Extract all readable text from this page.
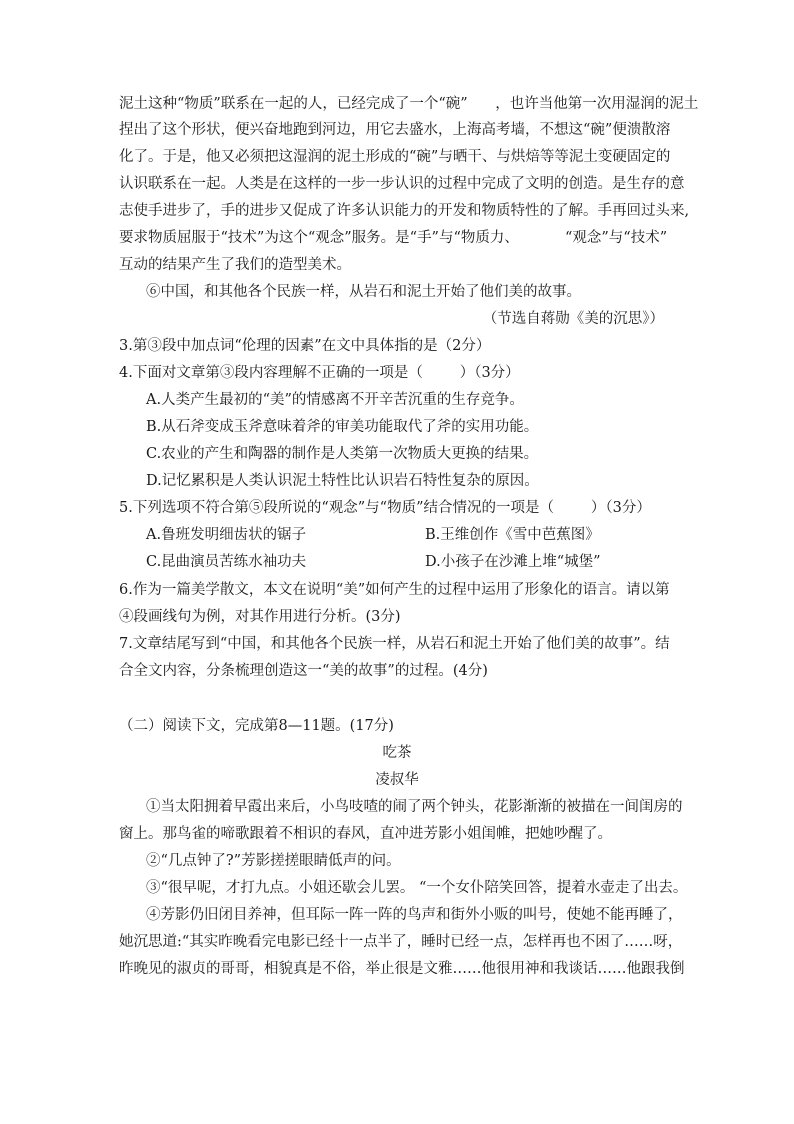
泥土这种“物质”联系在一起的人，已经完成了一个“碗”      ，也许当他第一次用湿润的泥土
捏出了这个形状，便兴奋地跑到河边，用它去盛水，上海高考墙，不想这“碗”便溃散溶
化了。于是，他又必须把这湿润的泥土形成的“碗”与晒干、与烘焙等等泥土变硬固定的
认识联系在一起。人类是在这样的一步一步认识的过程中完成了文明的创造。是生存的意
志使手进步了，手的进步又促成了许多认识能力的开发和物质特性的了解。手再回过头来,
要求物质屈服于“技术”为这个“观念”服务。是“手”与“物质力、          “观念”与“技术”
互动的结果产生了我们的造型美术。
⑥中国，和其他各个民族一样，从岩石和泥土开始了他们美的故事。
（节选自蒋勋《美的沉思》）
3.第③段中加点词“伦理的因素”在文中具体指的是（2分）
4.下面对文章第③段内容理解不正确的一项是（        ）（3分）
A.人类产生最初的“美”的情感离不开辛苦沉重的生存竞争。
B.从石斧变成玉斧意味着斧的审美功能取代了斧的实用功能。
C.农业的产生和陶器的制作是人类第一次物质大更换的结果。
D.记忆累积是人类认识泥土特性比认识岩石特性复杂的原因。
5.下列选项不符合第⑤段所说的“观念”与“物质”结合情况的一项是（        ）（3分）
A.鲁班发明细齿状的锯子	B.王维创作《雪中芭蕉图》
C.昆曲演员苦练水袖功夫	D.小孩子在沙滩上堆“城堡”
6.作为一篇美学散文，本文在说明“美”如何产生的过程中运用了形象化的语言。请以第
④段画线句为例，对其作用进行分析。(3分)
7.文章结尾写到“中国，和其他各个民族一样，从岩石和泥土开始了他们美的故事”。结
合全文内容，分条梳理创造这一“美的故事”的过程。(4分)
（二）阅读下文，完成第8—11题。(17分)
吃茶
凌叔华
①当太阳拥着早霞出来后，小鸟吱喳的闹了两个钟头，花影渐渐的被描在一间闺房的
窗上。那鸟雀的啼歌跟着不相识的春风，直冲进芳影小姐闺帷，把她吵醒了。
②“几点钟了?”芳影搓搓眼睛低声的问。
③“很早呢，才打九点。小姐还歇会儿罢。 “一个女仆陪笑回答，提着水壶走了出去。
④芳影仍旧闭目养神，但耳际一阵一阵的鸟声和街外小贩的叫号，使她不能再睡了，
她沉思道:“其实昨晚看完电影已经十一点半了，睡时已经一点，怎样再也不困了……呀，
昨晚见的淑贞的哥哥，相貌真是不俗，举止很是文雅……他很用神和我谈话……他跟我倒
